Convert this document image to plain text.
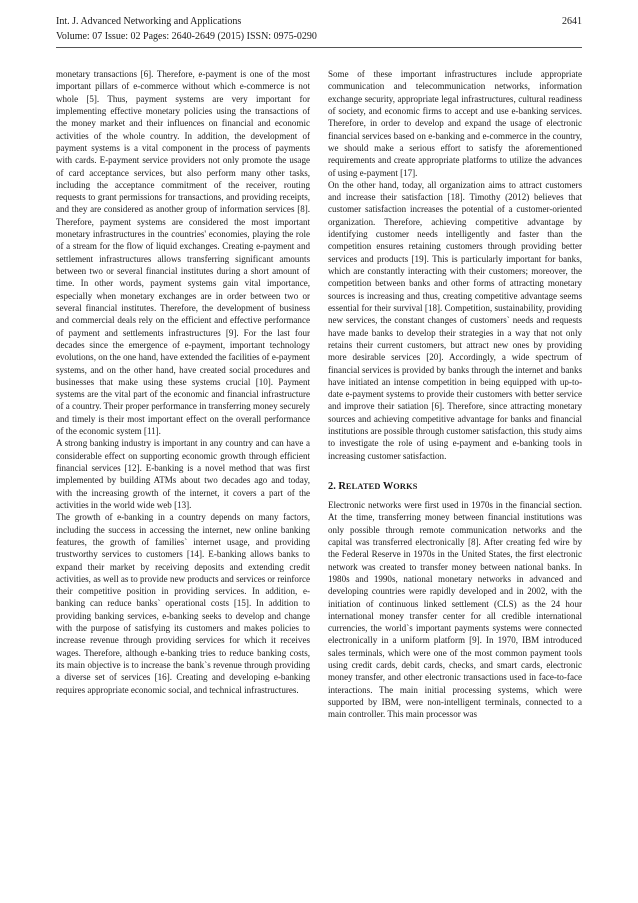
Int. J. Advanced Networking and Applications	2641
Volume: 07 Issue: 02 Pages: 2640-2649 (2015) ISSN: 0975-0290

monetary transactions [6]. Therefore, e-payment is one of the most important pillars of e-commerce without which e-commerce is not whole [5]. Thus, payment systems are very important for implementing effective monetary policies using the transactions of the money market and their influences on financial and economic activities of the whole country. In addition, the development of payment systems is a vital component in the process of payments with cards. E-payment service providers not only promote the usage of card acceptance services, but also perform many other tasks, including the acceptance commitment of the receiver, routing requests to grant permissions for transactions, and providing receipts, and they are considered as another group of information services [8]. Therefore, payment systems are considered the most important monetary infrastructures in the countries' economies, playing the role of a stream for the flow of liquid exchanges. Creating e-payment and settlement infrastructures allows transferring significant amounts between two or several financial institutes during a short amount of time. In other words, payment systems gain vital importance, especially when monetary exchanges are in order between two or several financial institutes. Therefore, the development of business and commercial deals rely on the efficient and effective performance of payment and settlements infrastructures [9]. For the last four decades since the emergence of e-payment, important technology evolutions, on the one hand, have extended the facilities of e-payment systems, and on the other hand, have created social procedures and businesses that make using these systems crucial [10]. Payment systems are the vital part of the economic and financial infrastructure of a country. Their proper performance in transferring money securely and timely is their most important effect on the overall performance of the economic system [11].

A strong banking industry is important in any country and can have a considerable effect on supporting economic growth through efficient financial services [12]. E-banking is a novel method that was first implemented by building ATMs about two decades ago and today, with the increasing growth of the internet, it covers a part of the activities in the world wide web [13].

The growth of e-banking in a country depends on many factors, including the success in accessing the internet, new online banking features, the growth of families` internet usage, and providing trustworthy services to customers [14]. E-banking allows banks to expand their market by receiving deposits and extending credit activities, as well as to provide new products and services or reinforce their competitive position in providing services. In addition, e-banking can reduce banks` operational costs [15]. In addition to providing banking services, e-banking seeks to develop and change with the purpose of satisfying its customers and makes policies to increase revenue through providing services for which it receives wages. Therefore, although e-banking tries to reduce banking costs, its main objective is to increase the bank`s revenue through providing a diverse set of services [16]. Creating and developing e-banking requires appropriate economic social, and technical infrastructures.

Some of these important infrastructures include appropriate communication and telecommunication networks, information exchange security, appropriate legal infrastructures, cultural readiness of society, and economic firms to accept and use e-banking services. Therefore, in order to develop and expand the usage of electronic financial services based on e-banking and e-commerce in the country, we should make a serious effort to satisfy the aforementioned requirements and create appropriate platforms to utilize the advances of using e-payment [17].

On the other hand, today, all organization aims to attract customers and increase their satisfaction [18]. Timothy (2012) believes that customer satisfaction increases the potential of a customer-oriented organization. Therefore, achieving competitive advantage by identifying customer needs intelligently and faster than the competition ensures retaining customers through providing better services and products [19]. This is particularly important for banks, which are constantly interacting with their customers; moreover, the competition between banks and other forms of attracting monetary sources is increasing and thus, creating competitive advantage seems essential for their survival [18]. Competition, sustainability, providing new services, the constant changes of customers` needs and requests have made banks to develop their strategies in a way that not only retains their current customers, but attract new ones by providing more desirable services [20]. Accordingly, a wide spectrum of financial services is provided by banks through the internet and banks have initiated an intense competition in being equipped with up-to-date e-payment systems to provide their customers with better service and improve their satiation [6]. Therefore, since attracting monetary sources and achieving competitive advantage for banks and financial institutions are possible through customer satisfaction, this study aims to investigate the role of using e-payment and e-banking tools in increasing customer satisfaction.

2. RELATED WORKS

Electronic networks were first used in 1970s in the financial section. At the time, transferring money between financial institutions was only possible through remote communication networks and the capital was transferred electronically [8]. After creating fed wire by the Federal Reserve in 1970s in the United States, the first electronic network was created to transfer money between national banks. In 1980s and 1990s, national monetary networks in advanced and developing countries were rapidly developed and in 2002, with the initiation of continuous linked settlement (CLS) as the 24 hour international money transfer center for all credible international currencies, the world`s important payments systems were connected electronically in a uniform platform [9]. In 1970, IBM introduced sales terminals, which were one of the most common payment tools using credit cards, debit cards, checks, and smart cards, electronic money transfer, and other electronic transactions used in face-to-face interactions. The main initial processing systems, which were supported by IBM, were non-intelligent terminals, connected to a main controller. This main processor was
